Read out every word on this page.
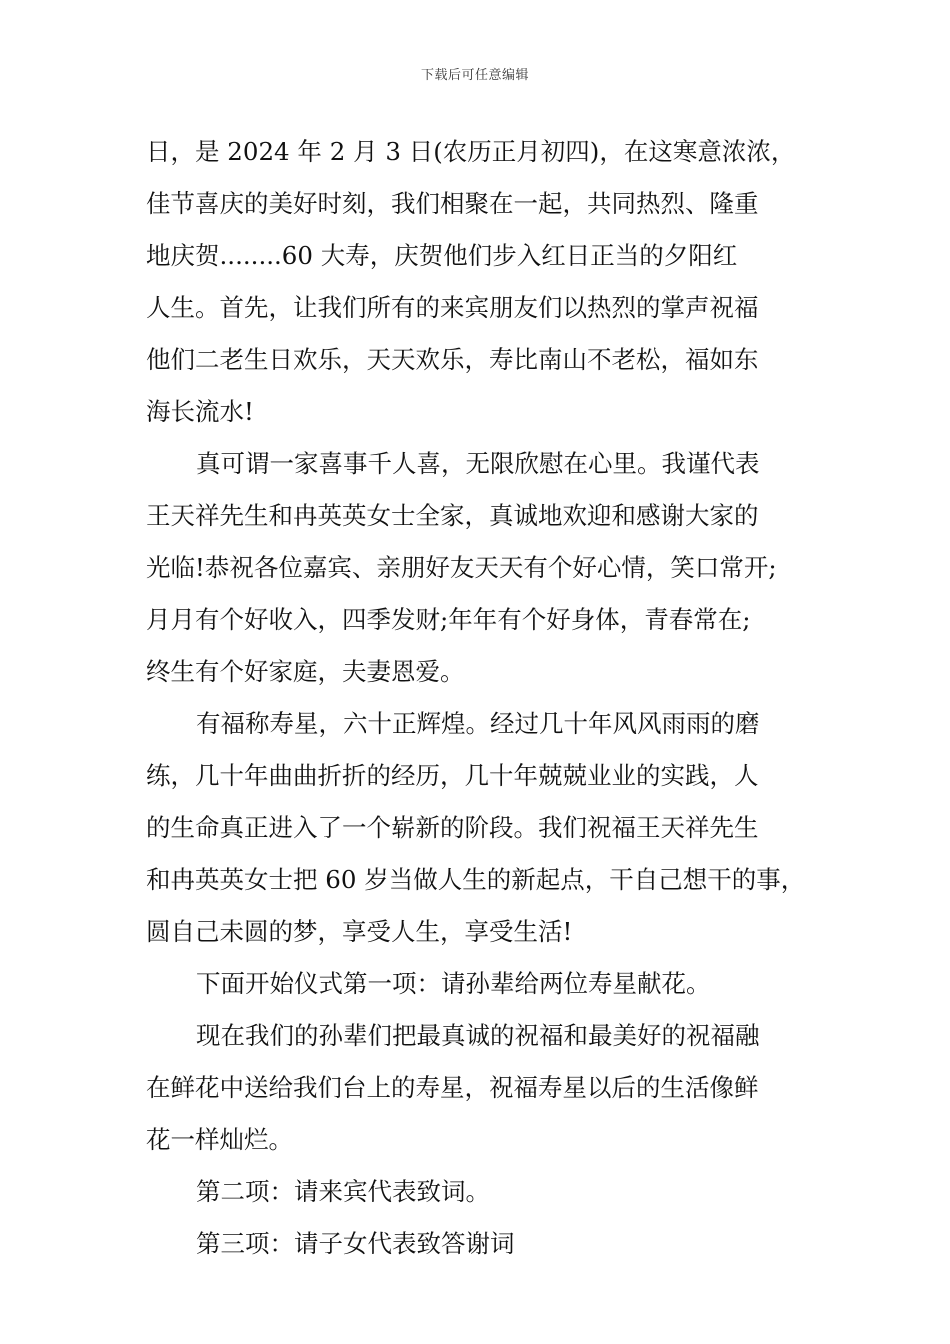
下载后可任意编辑
日，是 2024 年 2 月 3 日(农历正月初四)，在这寒意浓浓，
佳节喜庆的美好时刻，我们相聚在一起，共同热烈、隆重
地庆贺........60 大寿，庆贺他们步入红日正当的夕阳红
人生。首先，让我们所有的来宾朋友们以热烈的掌声祝福
他们二老生日欢乐，天天欢乐，寿比南山不老松，福如东
海长流水!
真可谓一家喜事千人喜，无限欣慰在心里。我谨代表
王天祥先生和冉英英女士全家，真诚地欢迎和感谢大家的
光临!恭祝各位嘉宾、亲朋好友天天有个好心情，笑口常开;
月月有个好收入，四季发财;年年有个好身体，青春常在;
终生有个好家庭，夫妻恩爱。
有福称寿星，六十正辉煌。经过几十年风风雨雨的磨
练，几十年曲曲折折的经历，几十年兢兢业业的实践，人
的生命真正进入了一个崭新的阶段。我们祝福王天祥先生
和冉英英女士把 60 岁当做人生的新起点，干自己想干的事，
圆自己未圆的梦，享受人生，享受生活!
下面开始仪式第一项：请孙辈给两位寿星献花。
现在我们的孙辈们把最真诚的祝福和最美好的祝福融
在鲜花中送给我们台上的寿星，祝福寿星以后的生活像鲜
花一样灿烂。
第二项：请来宾代表致词。
第三项：请子女代表致答谢词
